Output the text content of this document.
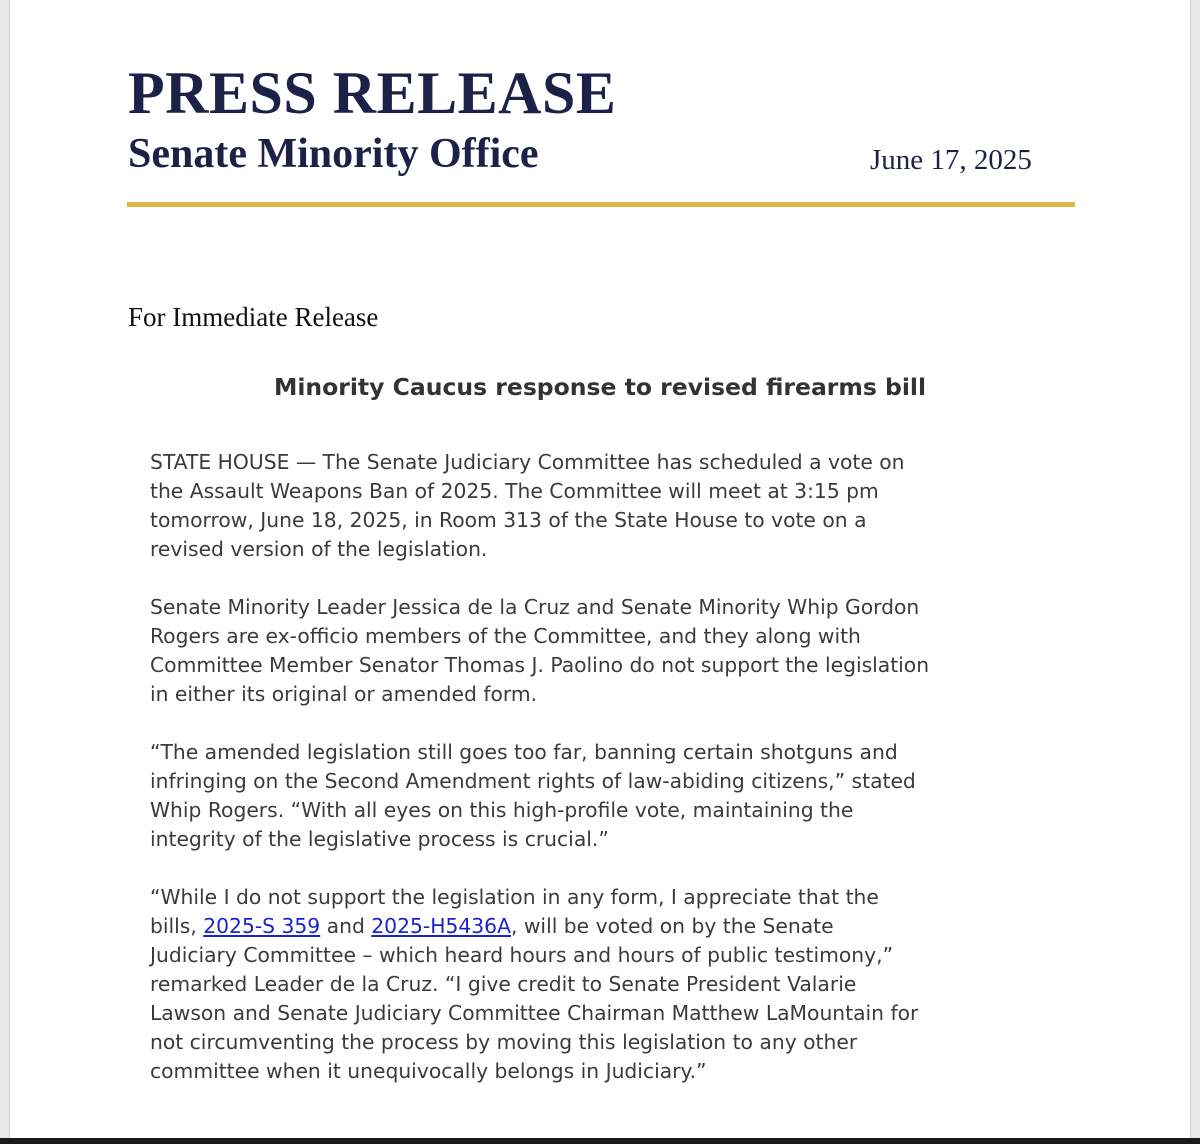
PRESS RELEASE
Senate Minority Office	June 17, 2025
For Immediate Release
Minority Caucus response to revised firearms bill

STATE HOUSE — The Senate Judiciary Committee has scheduled a vote on
the Assault Weapons Ban of 2025. The Committee will meet at 3:15 pm
tomorrow, June 18, 2025, in Room 313 of the State House to vote on a
revised version of the legislation.

Senate Minority Leader Jessica de la Cruz and Senate Minority Whip Gordon
Rogers are ex-officio members of the Committee, and they along with
Committee Member Senator Thomas J. Paolino do not support the legislation
in either its original or amended form.

“The amended legislation still goes too far, banning certain shotguns and
infringing on the Second Amendment rights of law-abiding citizens,” stated
Whip Rogers. “With all eyes on this high-profile vote, maintaining the
integrity of the legislative process is crucial.”

“While I do not support the legislation in any form, I appreciate that the
bills, 2025-S 359 and 2025-H5436A, will be voted on by the Senate
Judiciary Committee – which heard hours and hours of public testimony,”
remarked Leader de la Cruz. “I give credit to Senate President Valarie
Lawson and Senate Judiciary Committee Chairman Matthew LaMountain for
not circumventing the process by moving this legislation to any other
committee when it unequivocally belongs in Judiciary.”
